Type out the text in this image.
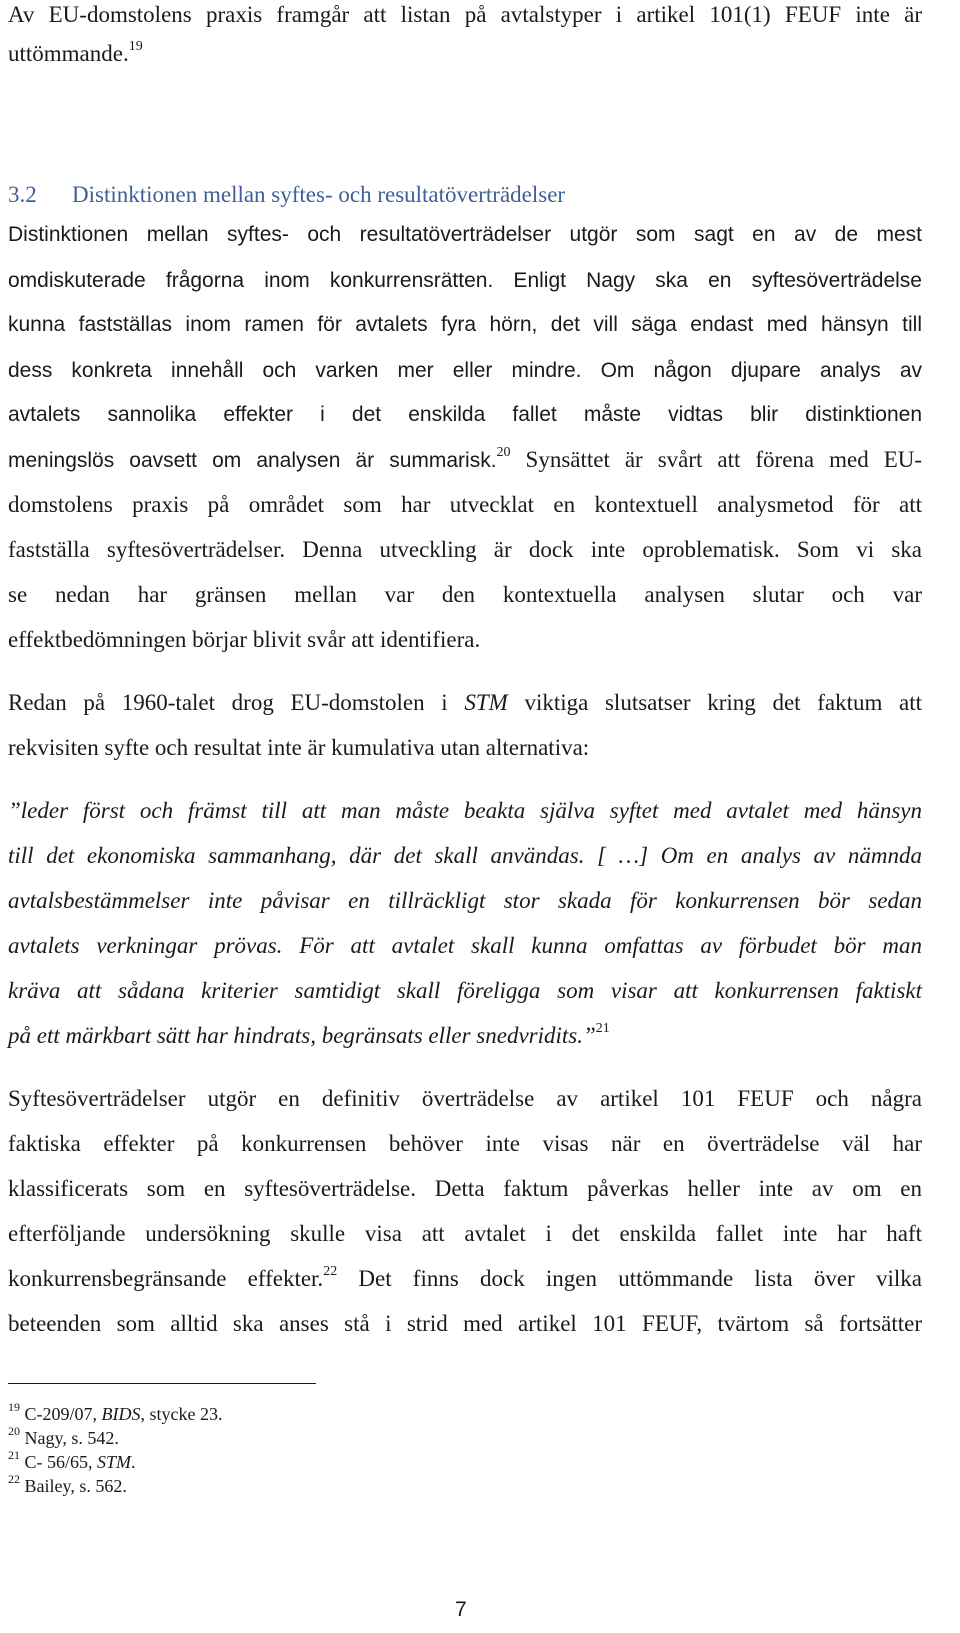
Av EU-domstolens praxis framgår att listan på avtalstyper i artikel 101(1) FEUF inte är
uttömmande.$^{19}$
3.2 Distinktionen mellan syftes- och resultatöverträdelser
Distinktionen mellan syftes- och resultatöverträdelser utgör som sagt en av de mest
omdiskuterade frågorna inom konkurrensrätten. Enligt Nagy ska en syftesöverträdelse
kunna fastställas inom ramen för avtalets fyra hörn, det vill säga endast med hänsyn till
dess konkreta innehåll och varken mer eller mindre. Om någon djupare analys av
avtalets sannolika effekter i det enskilda fallet måste vidtas blir distinktionen
meningslös oavsett om analysen är summarisk.$^{20}$ Synsättet är svårt att förena med EU-
domstolens praxis på området som har utvecklat en kontextuell analysmetod för att
fastställa syftesöverträdelser. Denna utveckling är dock inte oproblematisk. Som vi ska
se nedan har gränsen mellan var den kontextuella analysen slutar och var
effektbedömningen börjar blivit svår att identifiera.
Redan på 1960-talet drog EU-domstolen i STM viktiga slutsatser kring det faktum att
rekvisiten syfte och resultat inte är kumulativa utan alternativa:
”leder först och främst till att man måste beakta själva syftet med avtalet med hänsyn
till det ekonomiska sammanhang, där det skall användas. [ …] Om en analys av nämnda
avtalsbestämmelser inte påvisar en tillräckligt stor skada för konkurrensen bör sedan
avtalets verkningar prövas. För att avtalet skall kunna omfattas av förbudet bör man
kräva att sådana kriterier samtidigt skall föreligga som visar att konkurrensen faktiskt
på ett märkbart sätt har hindrats, begränsats eller snedvridits.”$^{21}$
Syftesöverträdelser utgör en definitiv överträdelse av artikel 101 FEUF och några
faktiska effekter på konkurrensen behöver inte visas när en överträdelse väl har
klassificerats som en syftesöverträdelse. Detta faktum påverkas heller inte av om en
efterföljande undersökning skulle visa att avtalet i det enskilda fallet inte har haft
konkurrensbegränsande effekter.$^{22}$ Det finns dock ingen uttömmande lista över vilka
beteenden som alltid ska anses stå i strid med artikel 101 FEUF, tvärtom så fortsätter
$^{19}$ C-209/07, BIDS, stycke 23.
$^{20}$ Nagy, s. 542.
$^{21}$ C- 56/65, STM.
$^{22}$ Bailey, s. 562.
7
